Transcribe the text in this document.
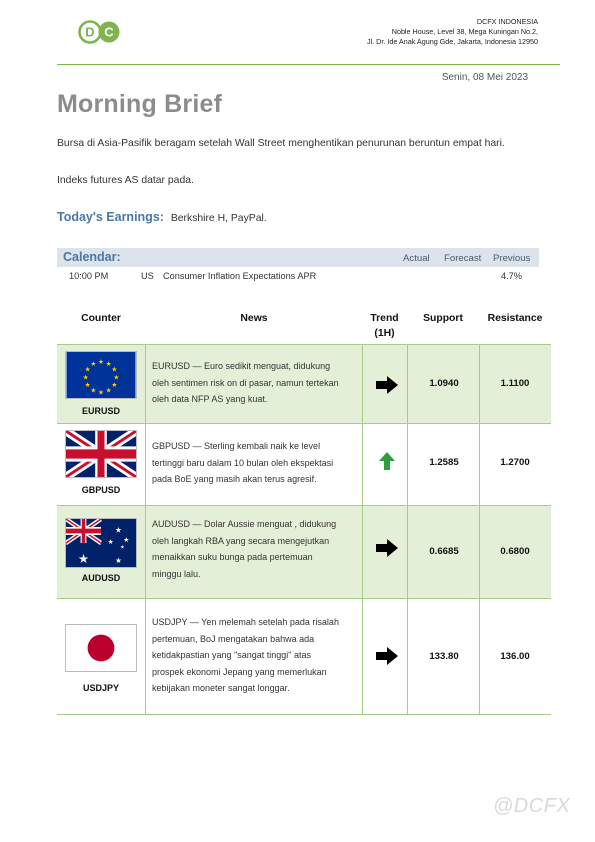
D C
DCFX INDONESIA
Noble House, Level 38, Mega Kuningan No.2,
Jl. Dr. Ide Anak Agung Gde, Jakarta, Indonesia 12950
Senin, 08 Mei 2023
Morning Brief
Bursa di Asia-Pasifik beragam setelah Wall Street menghentikan penurunan beruntun empat hari.
Indeks futures AS datar pada.
Today's Earnings: Berkshire H, PayPal.
Calendar:	Actual Forecast Previous
10:00 PM	US Consumer Inflation Expectations APR	4.7%
Counter	News	Trend
(1H)
Support	Resistance
★ ★
★
★
★
★
★
★
★
★
★
★
EURUSD
EURUSD — Euro sedikit menguat, didukung
oleh sentimen risk on di pasar, namun tertekan
oleh data NFP AS yang kuat.
1.0940	1.1100
GBPUSD
GBPUSD — Sterling kembali naik ke level
tertinggi baru dalam 10 bulan oleh ekspektasi
pada BoE yang masih akan terus agresif.
1.2585	1.2700
★	★
★
★
★
★
AUDUSD
AUDUSD — Dolar Aussie menguat , didukung
oleh langkah RBA yang secara mengejutkan
menaikkan suku bunga pada pertemuan
minggu lalu.
0.6685	0.6800
USDJPY
USDJPY — Yen melemah setelah pada risalah
pertemuan, BoJ mengatakan bahwa ada
ketidakpastian yang "sangat tinggi" atas
prospek ekonomi Jepang yang memerlukan
kebijakan moneter sangat longgar.
133.80	136.00
@DCFX
